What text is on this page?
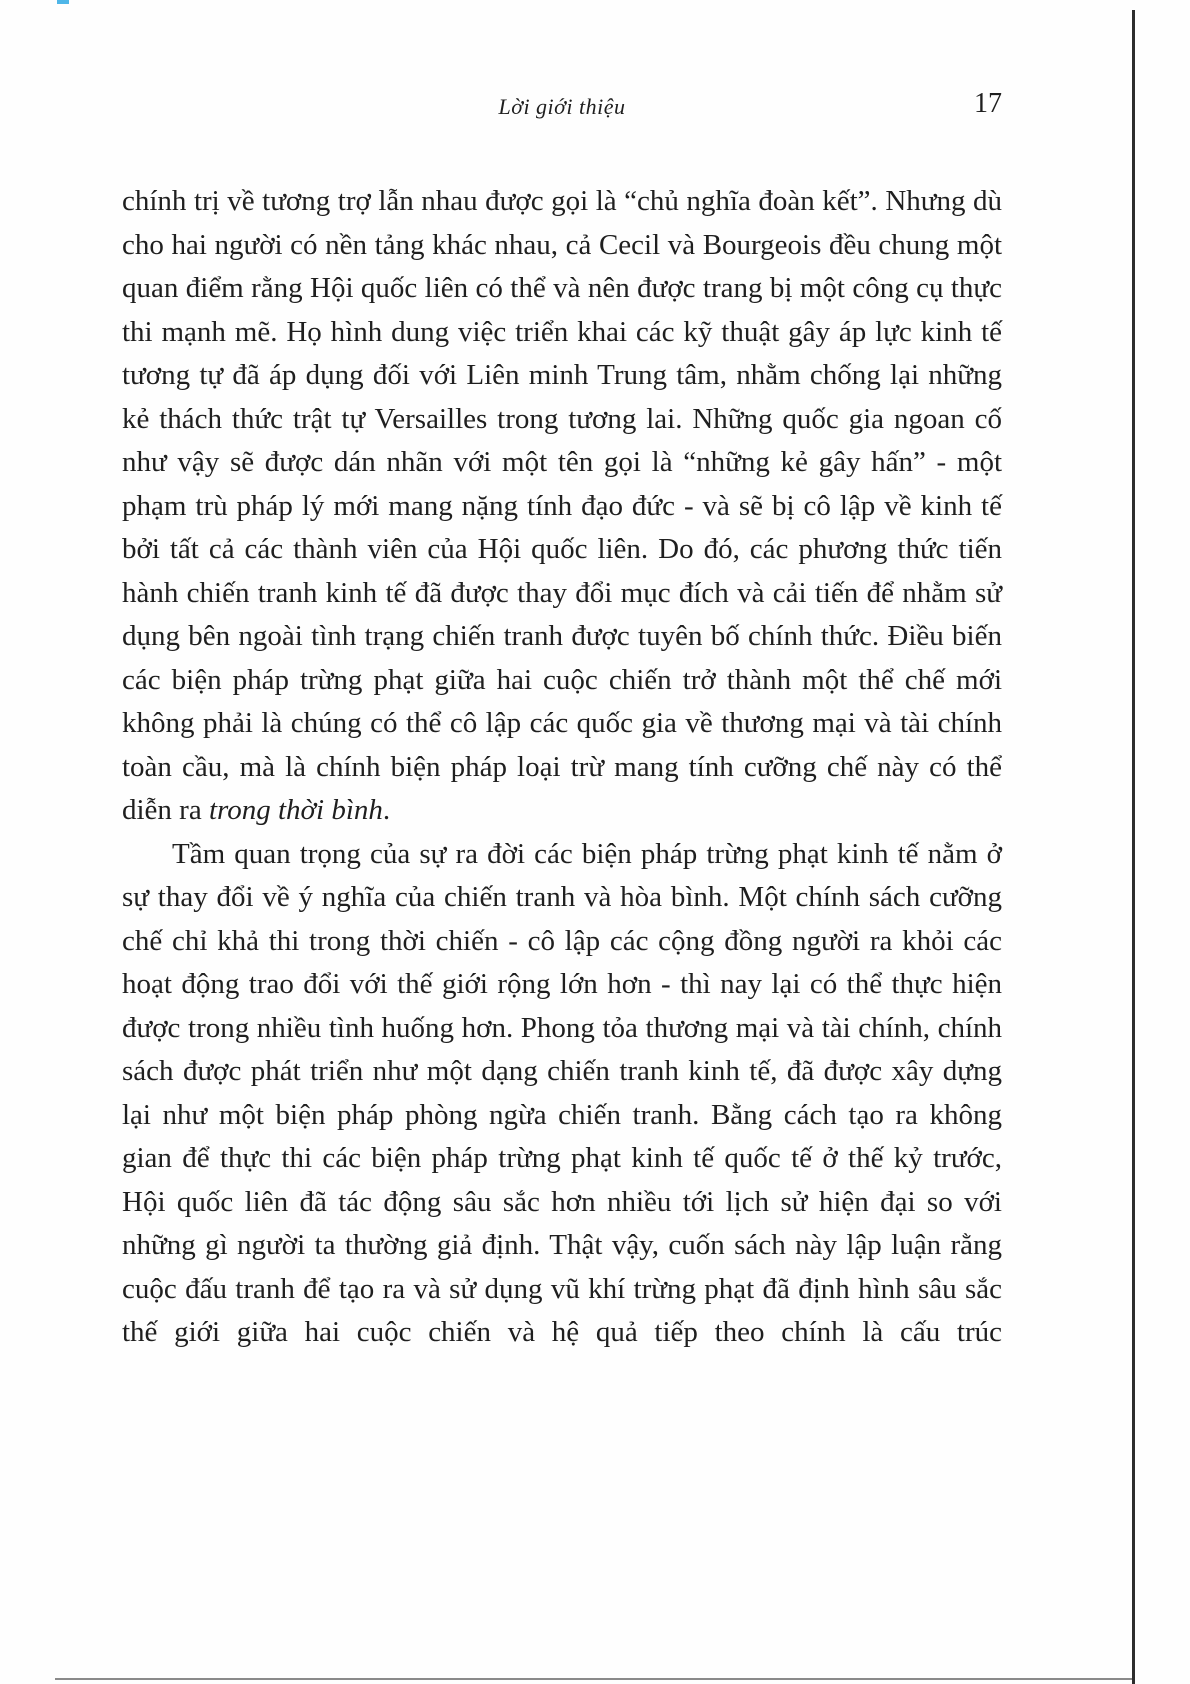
Lời giới thiệu	17

chính trị về tương trợ lẫn nhau được gọi là “chủ nghĩa đoàn kết”. Nhưng dù cho hai người có nền tảng khác nhau, cả Cecil và Bourgeois đều chung một quan điểm rằng Hội quốc liên có thể và nên được trang bị một công cụ thực thi mạnh mẽ. Họ hình dung việc triển khai các kỹ thuật gây áp lực kinh tế tương tự đã áp dụng đối với Liên minh Trung tâm, nhằm chống lại những kẻ thách thức trật tự Versailles trong tương lai. Những quốc gia ngoan cố như vậy sẽ được dán nhãn với một tên gọi là “những kẻ gây hấn” - một phạm trù pháp lý mới mang nặng tính đạo đức - và sẽ bị cô lập về kinh tế bởi tất cả các thành viên của Hội quốc liên. Do đó, các phương thức tiến hành chiến tranh kinh tế đã được thay đổi mục đích và cải tiến để nhằm sử dụng bên ngoài tình trạng chiến tranh được tuyên bố chính thức. Điều biến các biện pháp trừng phạt giữa hai cuộc chiến trở thành một thể chế mới không phải là chúng có thể cô lập các quốc gia về thương mại và tài chính toàn cầu, mà là chính biện pháp loại trừ mang tính cưỡng chế này có thể diễn ra trong thời bình.

Tầm quan trọng của sự ra đời các biện pháp trừng phạt kinh tế nằm ở sự thay đổi về ý nghĩa của chiến tranh và hòa bình. Một chính sách cưỡng chế chỉ khả thi trong thời chiến - cô lập các cộng đồng người ra khỏi các hoạt động trao đổi với thế giới rộng lớn hơn - thì nay lại có thể thực hiện được trong nhiều tình huống hơn. Phong tỏa thương mại và tài chính, chính sách được phát triển như một dạng chiến tranh kinh tế, đã được xây dựng lại như một biện pháp phòng ngừa chiến tranh. Bằng cách tạo ra không gian để thực thi các biện pháp trừng phạt kinh tế quốc tế ở thế kỷ trước, Hội quốc liên đã tác động sâu sắc hơn nhiều tới lịch sử hiện đại so với những gì người ta thường giả định. Thật vậy, cuốn sách này lập luận rằng cuộc đấu tranh để tạo ra và sử dụng vũ khí trừng phạt đã định hình sâu sắc thế giới giữa hai cuộc chiến và hệ quả tiếp theo chính là cấu trúc
